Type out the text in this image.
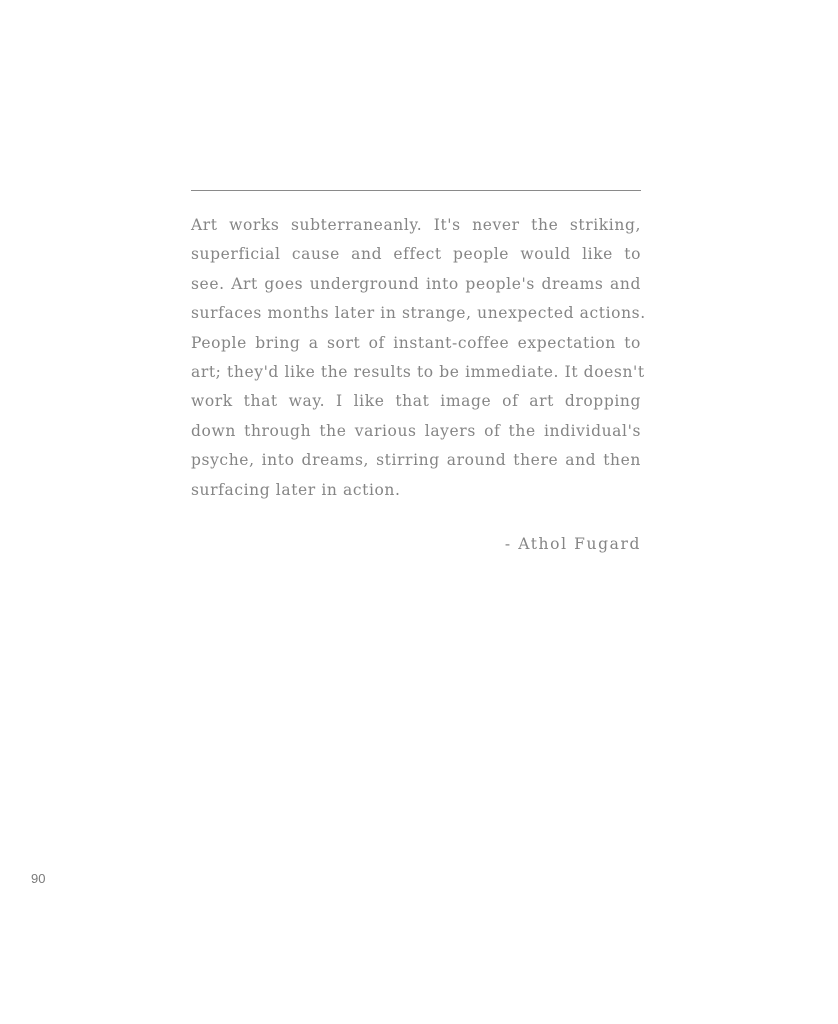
Art works subterraneanly. It's never the striking,
superficial cause and effect people would like to
see. Art goes underground into people's dreams and
surfaces months later in strange, unexpected actions.
People bring a sort of instant-coffee expectation to
art; they'd like the results to be immediate. It doesn't
work that way. I like that image of art dropping
down through the various layers of the individual's
psyche, into dreams, stirring around there and then
surfacing later in action.

- Athol Fugard

90
